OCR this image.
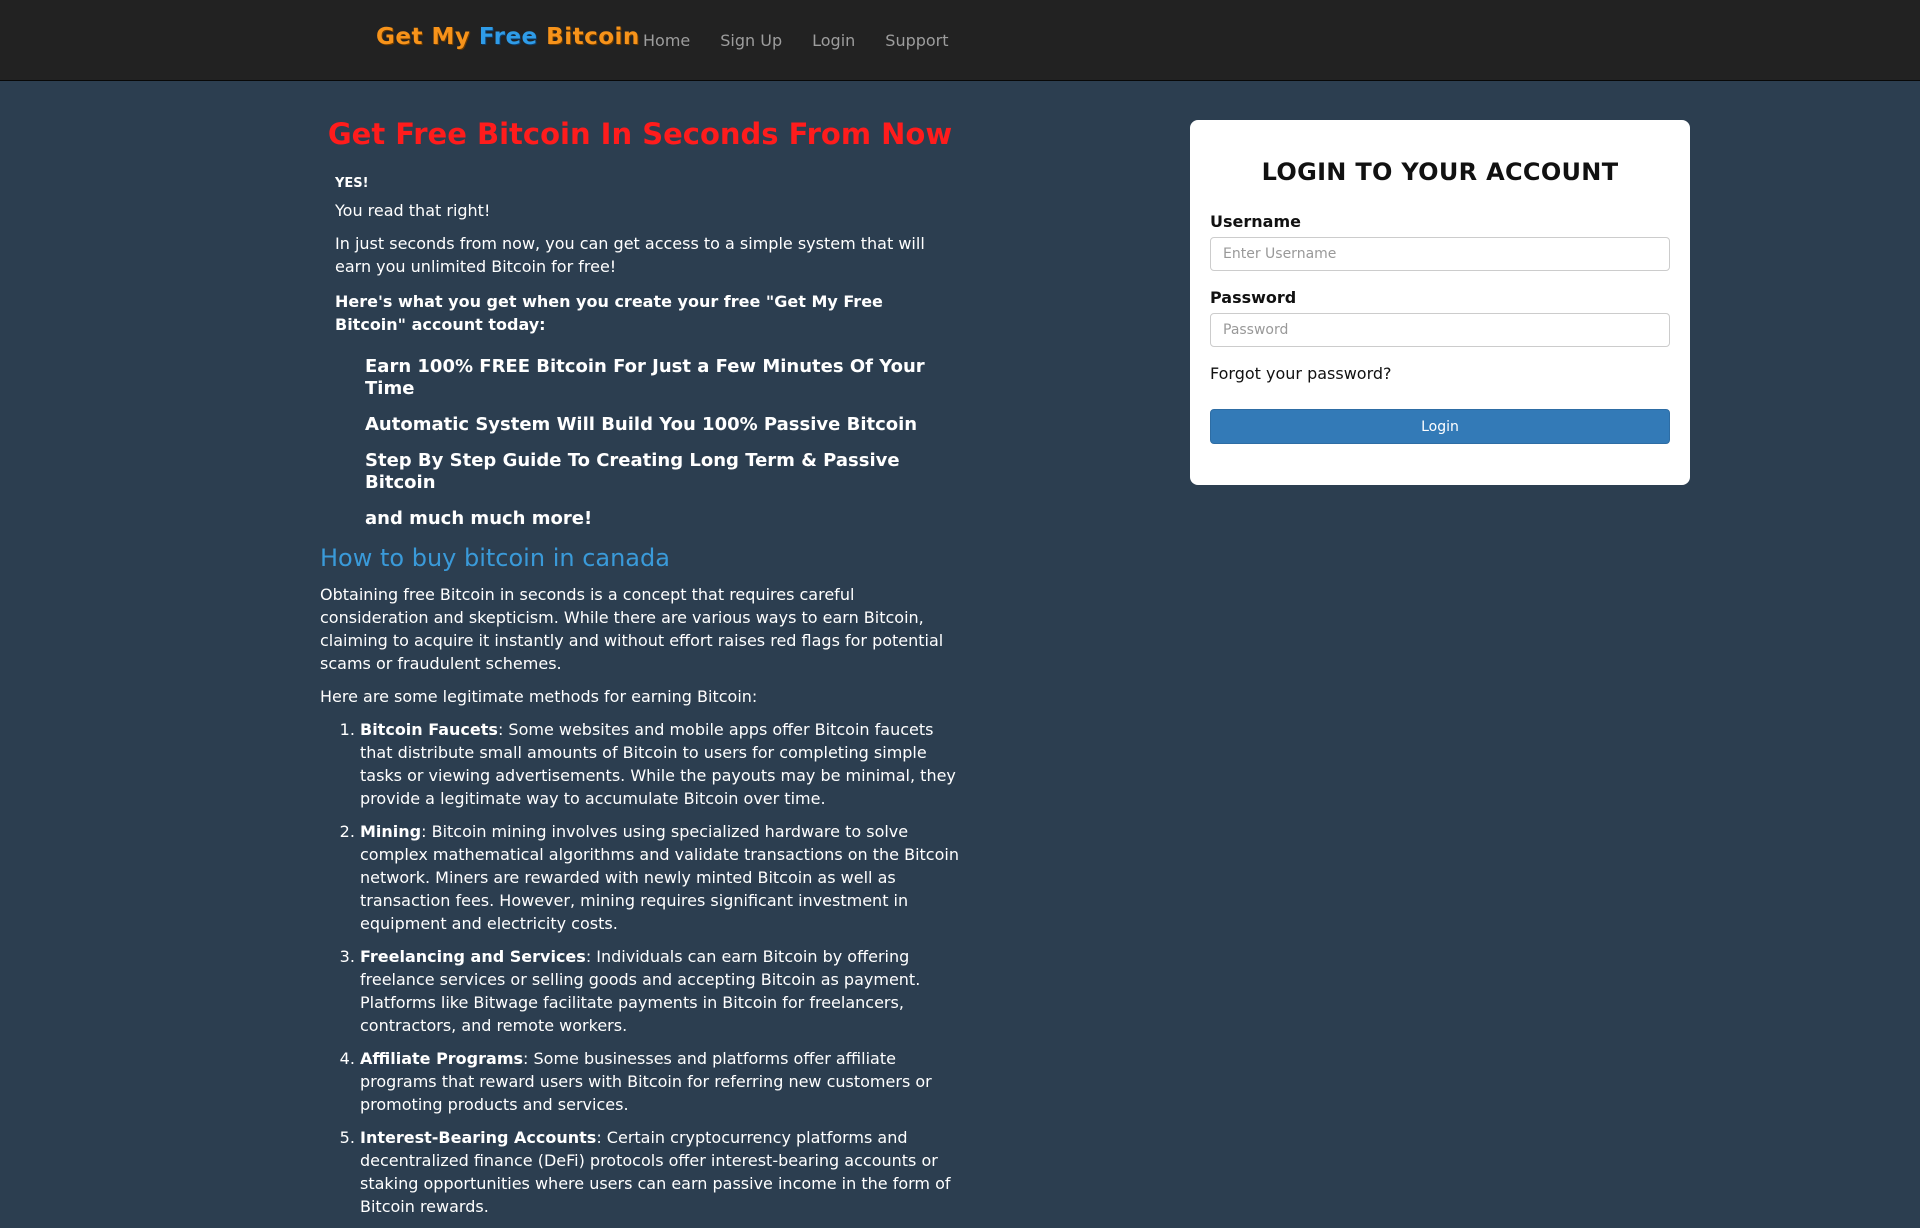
Get My Free Bitcoin Home	Sign Up	Login	Support
Get Free Bitcoin In Seconds From Now

YES!

You read that right!

In just seconds from now, you can get access to a simple system that will earn you unlimited Bitcoin for free!

Here's what you get when you create your free "Get My Free Bitcoin" account today:

Earn 100% FREE Bitcoin For Just a Few Minutes Of Your Time
Automatic System Will Build You 100% Passive Bitcoin
Step By Step Guide To Creating Long Term & Passive Bitcoin
and much much more!
How to buy bitcoin in canada

Obtaining free Bitcoin in seconds is a concept that requires careful consideration and skepticism. While there are various ways to earn Bitcoin, claiming to acquire it instantly and without effort raises red flags for potential scams or fraudulent schemes.

Here are some legitimate methods for earning Bitcoin:

1. Bitcoin Faucets: Some websites and mobile apps offer Bitcoin faucets that distribute small amounts of Bitcoin to users for completing simple tasks or viewing advertisements. While the payouts may be minimal, they provide a legitimate way to accumulate Bitcoin over time.
2. Mining: Bitcoin mining involves using specialized hardware to solve complex mathematical algorithms and validate transactions on the Bitcoin network. Miners are rewarded with newly minted Bitcoin as well as transaction fees. However, mining requires significant investment in equipment and electricity costs.
3. Freelancing and Services: Individuals can earn Bitcoin by offering freelance services or selling goods and accepting Bitcoin as payment. Platforms like Bitwage facilitate payments in Bitcoin for freelancers, contractors, and remote workers.
4. Affiliate Programs: Some businesses and platforms offer affiliate programs that reward users with Bitcoin for referring new customers or promoting products and services.
5. Interest-Bearing Accounts: Certain cryptocurrency platforms and decentralized finance (DeFi) protocols offer interest-bearing accounts or staking opportunities where users can earn passive income in the form of Bitcoin rewards.
LOGIN TO YOUR ACCOUNT
Username
Enter Username
Password
Forgot your password?
Login
